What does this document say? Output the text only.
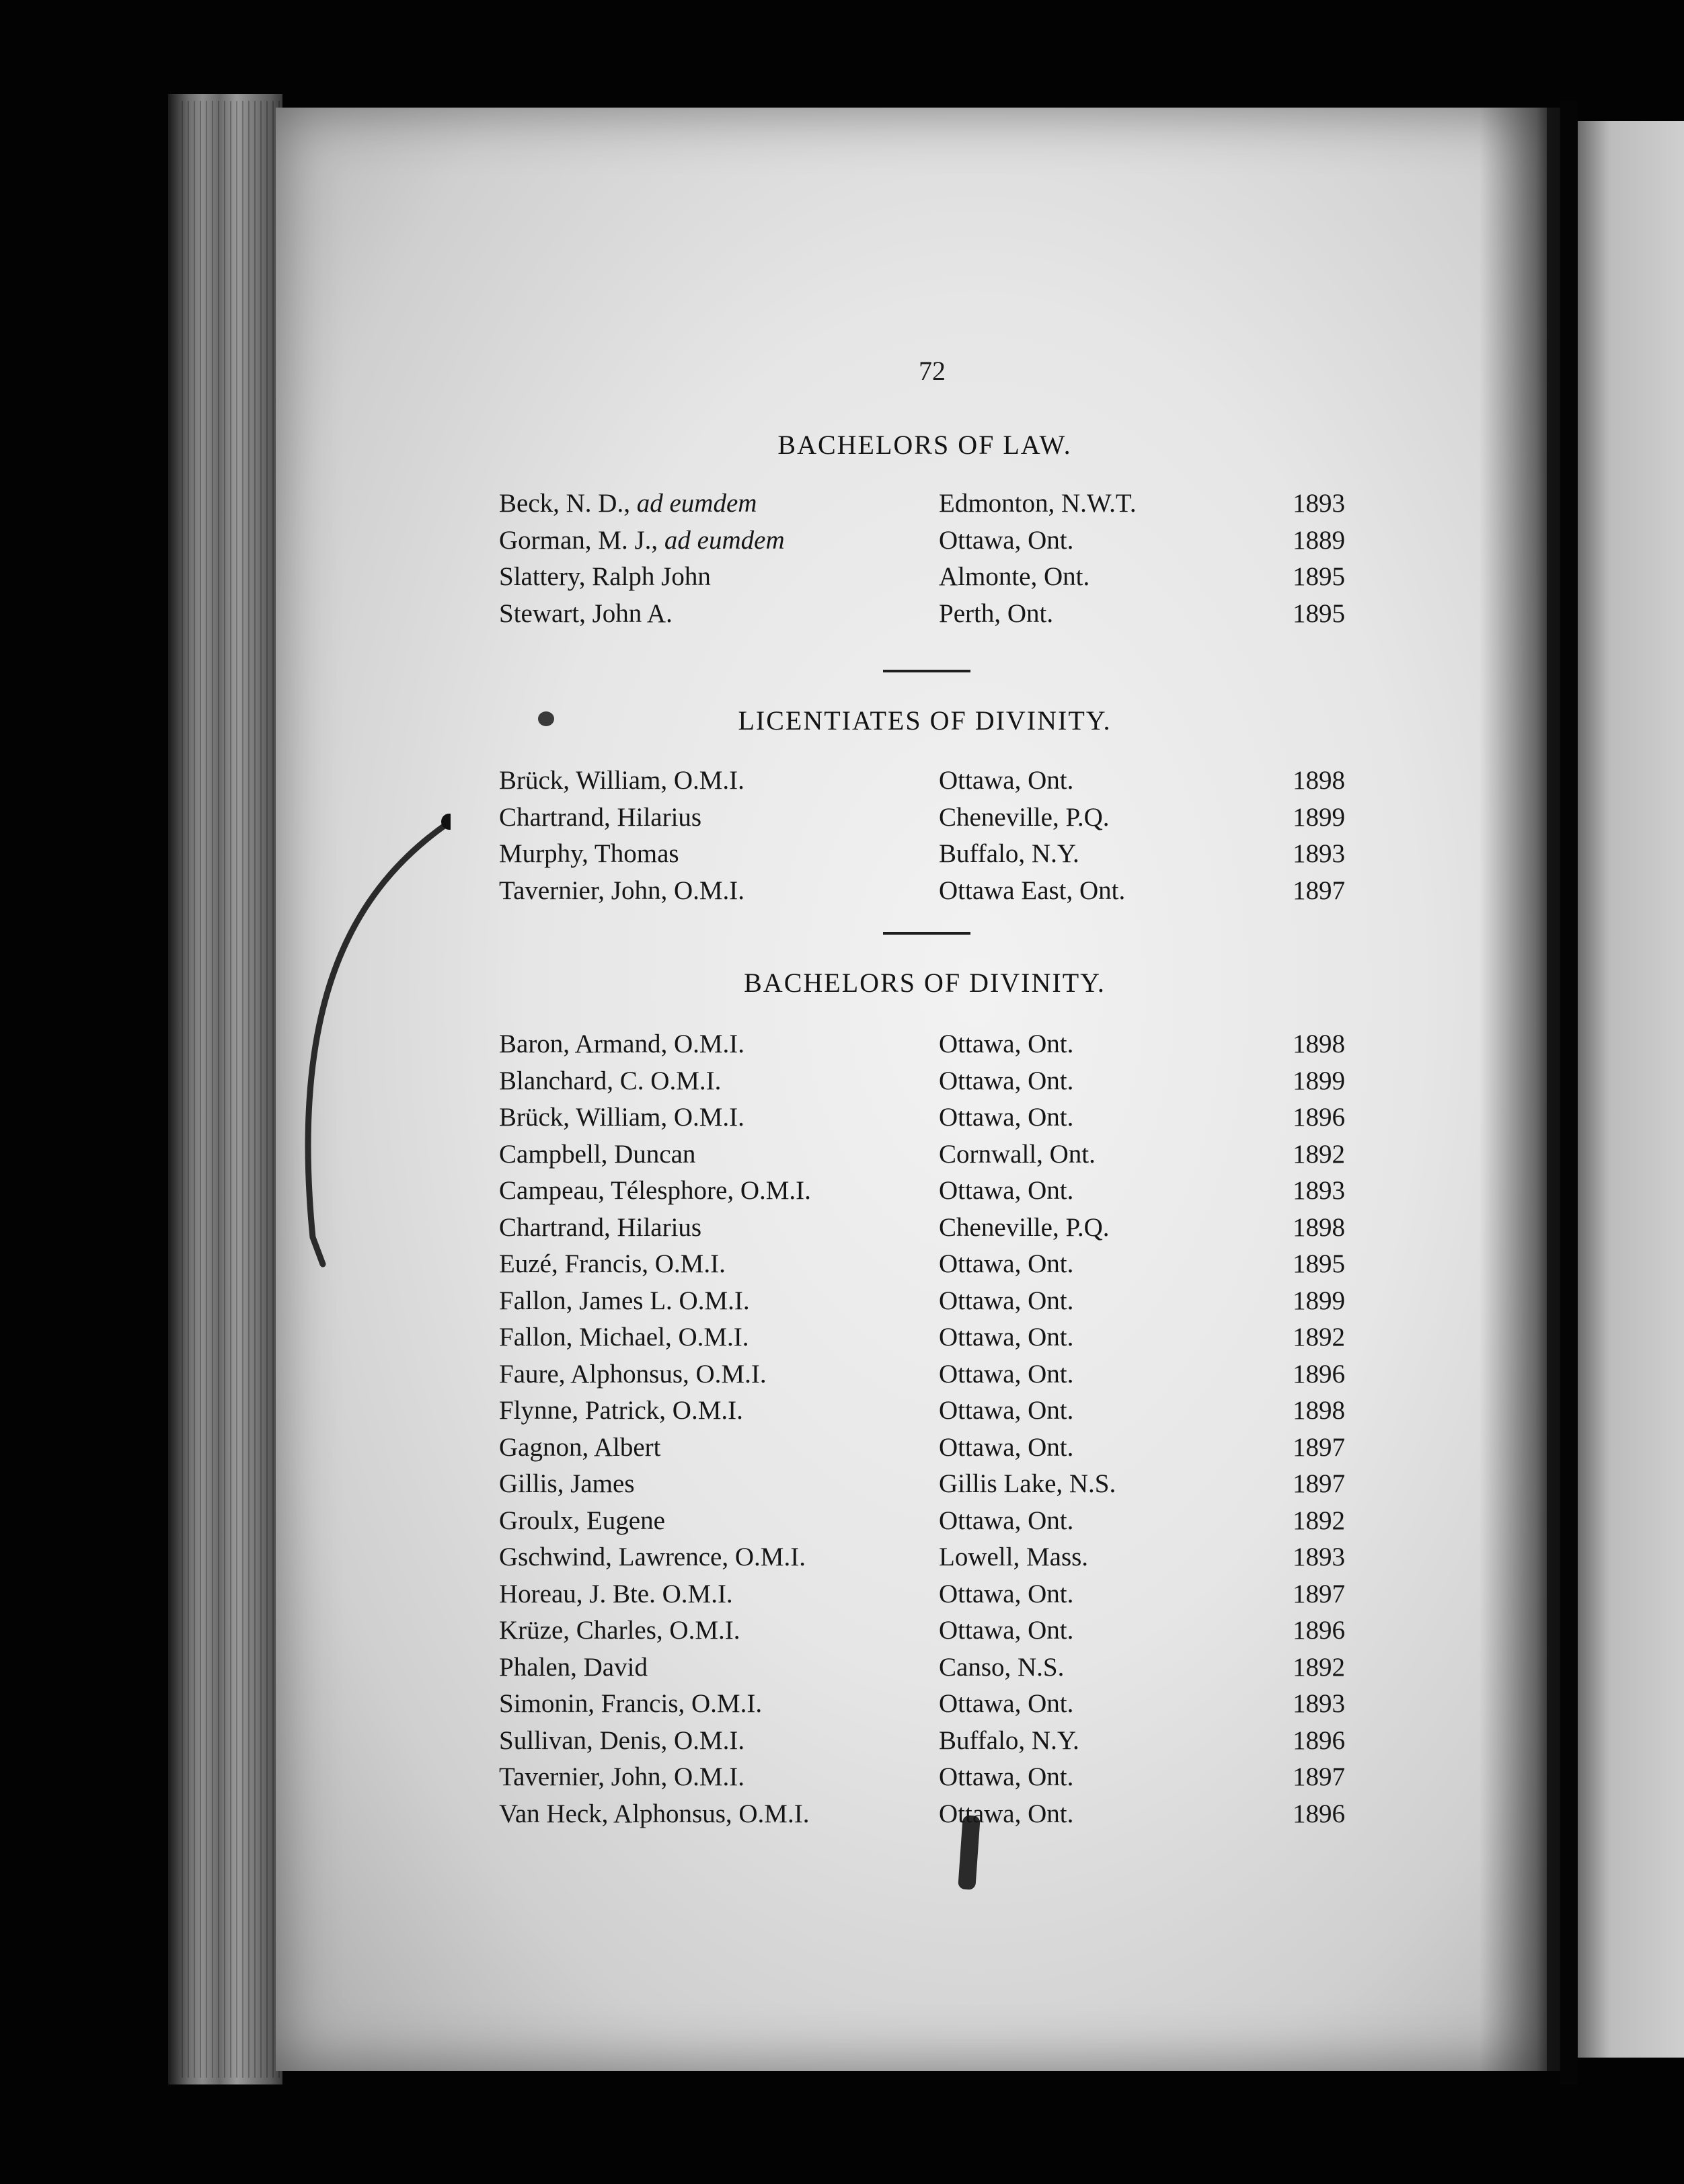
72
BACHELORS OF LAW.
Beck, N. D., ad eumdem	Edmonton, N.W.T.	1893
Gorman, M. J., ad eumdem	Ottawa, Ont.	1889
Slattery, Ralph John	Almonte, Ont.	1895
Stewart, John A.	Perth, Ont.	1895
LICENTIATES OF DIVINITY.
Brück, William, O.M.I.	Ottawa, Ont.	1898
Chartrand, Hilarius	Cheneville, P.Q.	1899
Murphy, Thomas	Buffalo, N.Y.	1893
Tavernier, John, O.M.I.	Ottawa East, Ont.	1897
BACHELORS OF DIVINITY.
Baron, Armand, O.M.I.	Ottawa, Ont.	1898
Blanchard, C. O.M.I.	Ottawa, Ont.	1899
Brück, William, O.M.I.	Ottawa, Ont.	1896
Campbell, Duncan	Cornwall, Ont.	1892
Campeau, Télesphore, O.M.I.	Ottawa, Ont.	1893
Chartrand, Hilarius	Cheneville, P.Q.	1898
Euzé, Francis, O.M.I.	Ottawa, Ont.	1895
Fallon, James L. O.M.I.	Ottawa, Ont.	1899
Fallon, Michael, O.M.I.	Ottawa, Ont.	1892
Faure, Alphonsus, O.M.I.	Ottawa, Ont.	1896
Flynne, Patrick, O.M.I.	Ottawa, Ont.	1898
Gagnon, Albert	Ottawa, Ont.	1897
Gillis, James	Gillis Lake, N.S.	1897
Groulx, Eugene	Ottawa, Ont.	1892
Gschwind, Lawrence, O.M.I.	Lowell, Mass.	1893
Horeau, J. Bte. O.M.I.	Ottawa, Ont.	1897
Krüze, Charles, O.M.I.	Ottawa, Ont.	1896
Phalen, David	Canso, N.S.	1892
Simonin, Francis, O.M.I.	Ottawa, Ont.	1893
Sullivan, Denis, O.M.I.	Buffalo, N.Y.	1896
Tavernier, John, O.M.I.	Ottawa, Ont.	1897
Van Heck, Alphonsus, O.M.I.	Ottawa, Ont.	1896
